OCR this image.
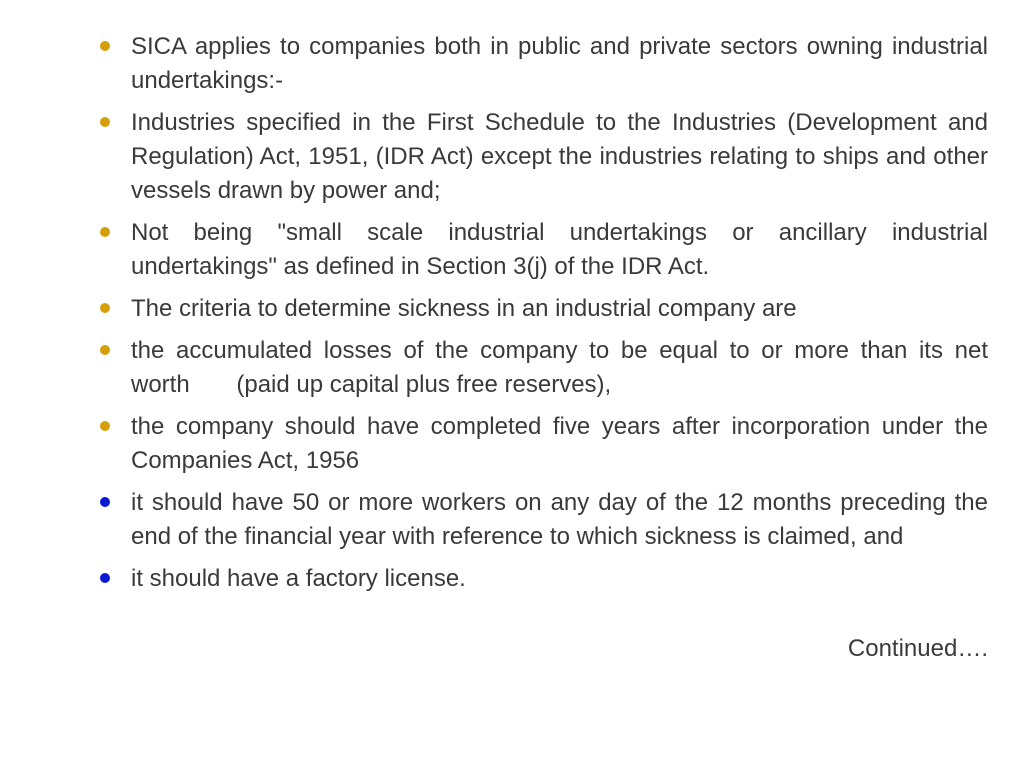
SICA applies to companies both in public and private sectors owning industrial undertakings:-
Industries specified in the First Schedule to the Industries (Development and Regulation) Act, 1951, (IDR Act) except the industries relating to ships and other vessels drawn by power and;
Not being "small scale industrial undertakings or ancillary industrial undertakings" as defined in Section 3(j) of the IDR Act.
The criteria to determine sickness in an industrial company are
the accumulated losses of the company to be equal to or more than its net worth       (paid up capital plus free reserves),
the company should have completed five years after incorporation under the Companies Act, 1956
it should have 50 or more workers on any day of the 12 months preceding the end of the financial year with reference to which sickness is claimed, and
it should have a factory license.
Continued….
